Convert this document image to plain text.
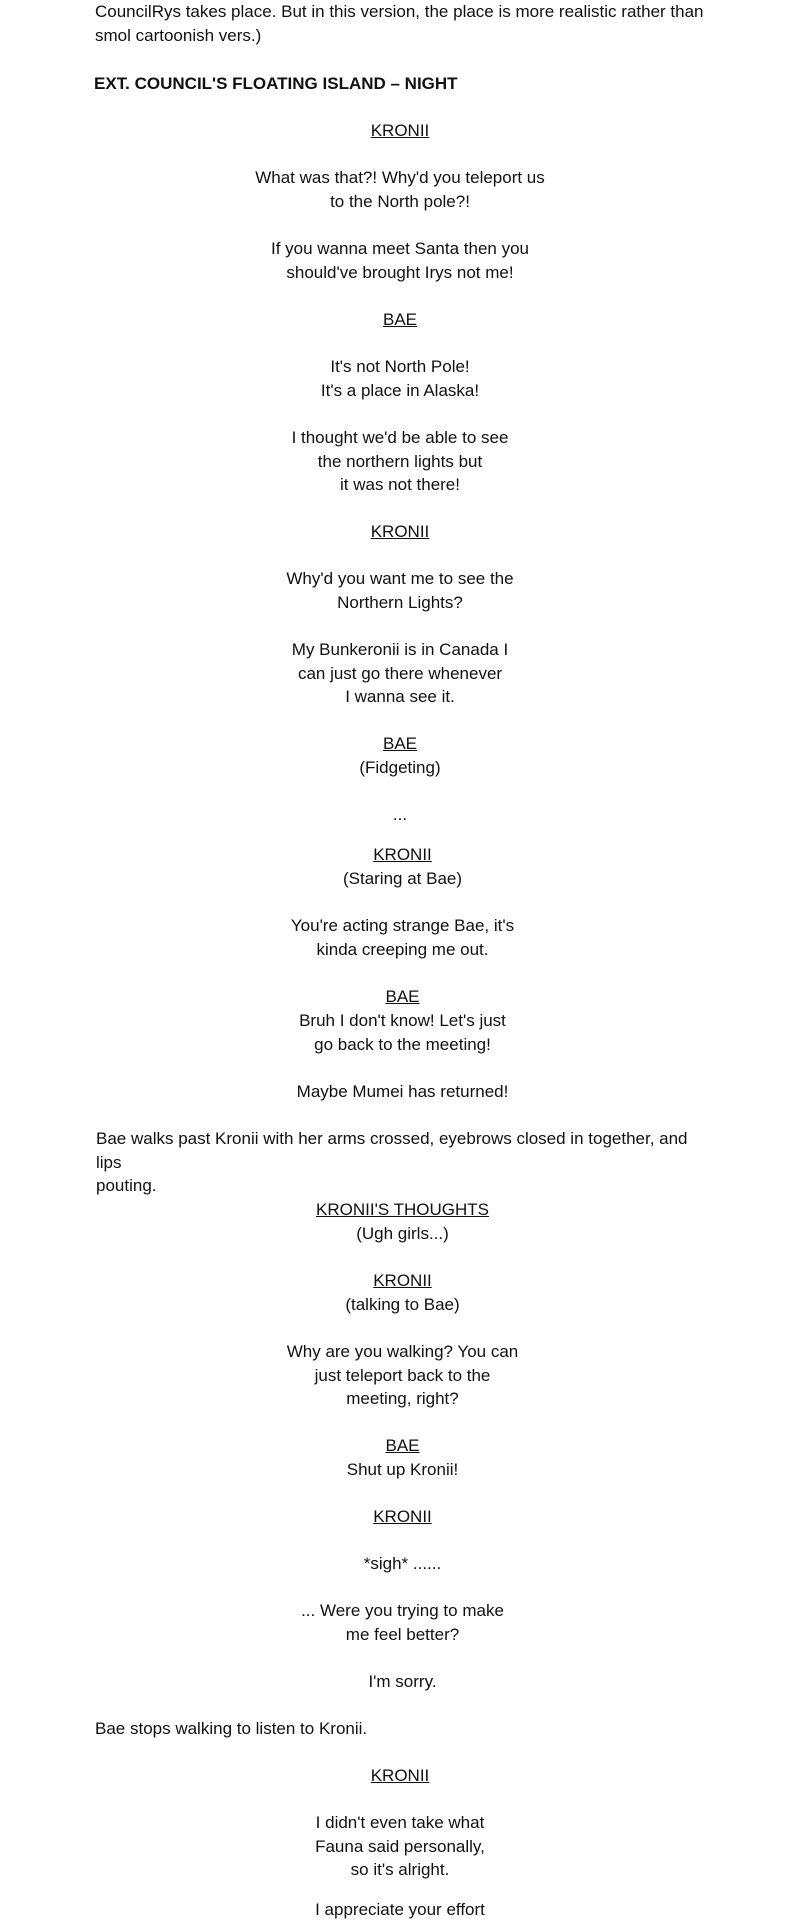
CouncilRys takes place. But in this version, the place is more realistic rather than
smol cartoonish vers.)

EXT. COUNCIL'S FLOATING ISLAND – NIGHT

KRONII

What was that?! Why'd you teleport us
to the North pole?!

If you wanna meet Santa then you
should've brought Irys not me!

BAE

It's not North Pole!
It's a place in Alaska!

I thought we'd be able to see
the northern lights but
it was not there!

KRONII

Why'd you want me to see the
Northern Lights?

My Bunkeronii is in Canada I
can just go there whenever
I wanna see it.

BAE

(Fidgeting)

...

KRONII

(Staring at Bae)

You're acting strange Bae, it's
kinda creeping me out.

BAE

Bruh I don't know! Let's just
go back to the meeting!

Maybe Mumei has returned!

Bae walks past Kronii with her arms crossed, eyebrows closed in together, and lips
pouting.

KRONII'S THOUGHTS

(Ugh girls...)

KRONII

(talking to Bae)

Why are you walking? You can
just teleport back to the
meeting, right?

BAE

Shut up Kronii!

KRONII

*sigh* ......

... Were you trying to make
me feel better?

I'm sorry.

Bae stops walking to listen to Kronii.

KRONII

I didn't even take what
Fauna said personally,
so it's alright.

I appreciate your effort
